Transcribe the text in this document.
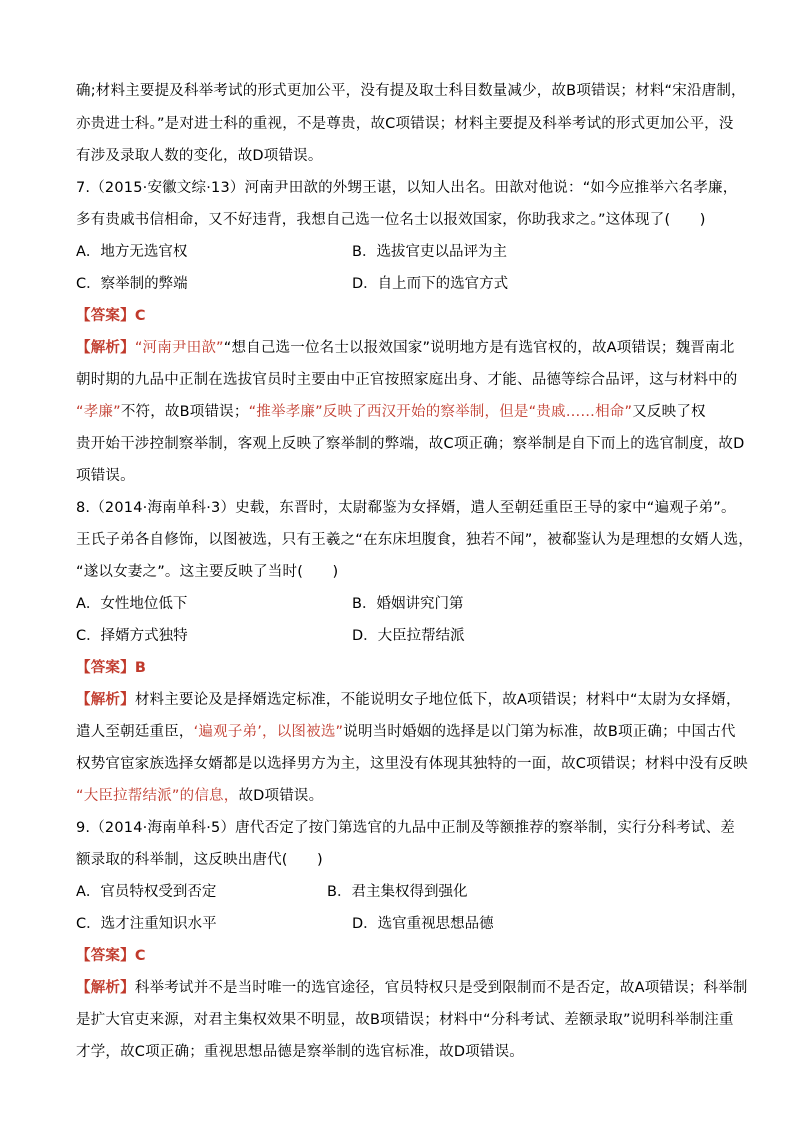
确;材料主要提及科举考试的形式更加公平，没有提及取士科目数量减少，故B项错误；材料“宋沿唐制，
亦贵进士科。”是对进士科的重视，不是尊贵，故C项错误；材料主要提及科举考试的形式更加公平，没
有涉及录取人数的变化，故D项错误。
7.（2015·安徽文综·13）河南尹田歆的外甥王谌，以知人出名。田歆对他说：“如今应推举六名孝廉，
多有贵戚书信相命，又不好违背，我想自己选一位名士以报效国家，你助我求之。”这体现了(　　)
A．地方无选官权	B．选拔官吏以品评为主
C．察举制的弊端	D．自上而下的选官方式
【答案】C
【解析】“河南尹田歆”“想自己选一位名士以报效国家”说明地方是有选官权的，故A项错误；魏晋南北
朝时期的九品中正制在选拔官员时主要由中正官按照家庭出身、才能、品德等综合品评，这与材料中的
“孝廉”不符，故B项错误；“推举孝廉”反映了西汉开始的察举制，但是“贵戚……相命”又反映了权
贵开始干涉控制察举制，客观上反映了察举制的弊端，故C项正确；察举制是自下而上的选官制度，故D
项错误。
8.（2014·海南单科·3）史载，东晋时，太尉郗鉴为女择婿，遣人至朝廷重臣王导的家中“遍观子弟”。
王氏子弟各自修饰，以图被选，只有王羲之“在东床坦腹食，独若不闻”，被郗鉴认为是理想的女婿人选，
“遂以女妻之”。这主要反映了当时(　　)
A．女性地位低下	B．婚姻讲究门第
C．择婿方式独特	D．大臣拉帮结派
【答案】B
【解析】材料主要论及是择婿选定标准，不能说明女子地位低下，故A项错误；材料中“太尉为女择婿，
遣人至朝廷重臣，‘遍观子弟’，以图被选”说明当时婚姻的选择是以门第为标准，故B项正确；中国古代
权势官宦家族选择女婿都是以选择男方为主，这里没有体现其独特的一面，故C项错误；材料中没有反映
“大臣拉帮结派”的信息，故D项错误。
9.（2014·海南单科·5）唐代否定了按门第选官的九品中正制及等额推荐的察举制，实行分科考试、差
额录取的科举制，这反映出唐代(　　)
A．官员特权受到否定	B．君主集权得到强化
C．选才注重知识水平	D．选官重视思想品德
【答案】C
【解析】科举考试并不是当时唯一的选官途径，官员特权只是受到限制而不是否定，故A项错误；科举制
是扩大官吏来源，对君主集权效果不明显，故B项错误；材料中“分科考试、差额录取”说明科举制注重
才学，故C项正确；重视思想品德是察举制的选官标准，故D项错误。
